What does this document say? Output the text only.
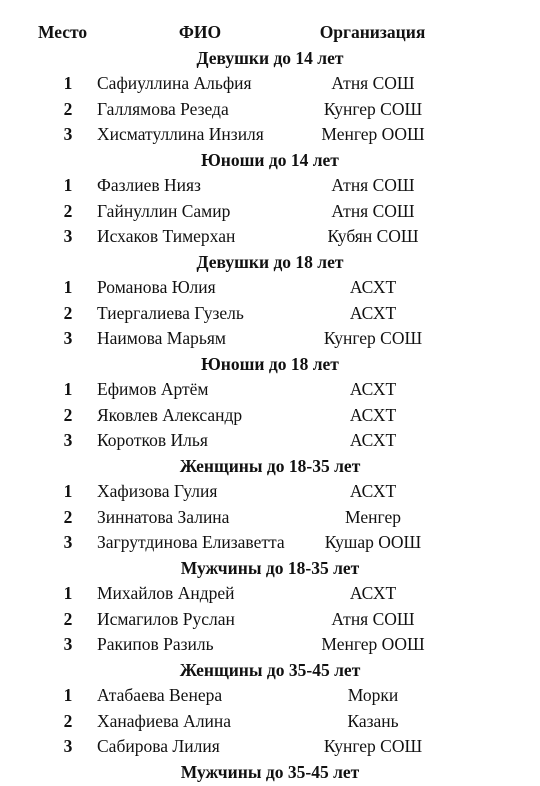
Место	ФИО	Организация
Девушки до 14 лет
1	Сафиуллина Альфия	Атня СОШ
2	Галлямова Резеда	Кунгер СОШ
3	Хисматуллина Инзиля	Менгер ООШ
Юноши до 14 лет
1	Фазлиев Нияз	Атня СОШ
2	Гайнуллин Самир	Атня СОШ
3	Исхаков Тимерхан	Кубян СОШ
Девушки до 18 лет
1	Романова Юлия	АСХТ
2	Тиергалиева Гузель	АСХТ
3	Наимова Марьям	Кунгер СОШ
Юноши до 18 лет
1	Ефимов Артём	АСХТ
2	Яковлев Александр	АСХТ
3	Коротков Илья	АСХТ
Женщины до 18-35 лет
1	Хафизова Гулия	АСХТ
2	Зиннатова Залина	Менгер
3	Загрутдинова Елизаветта	Кушар ООШ
Мужчины до 18-35 лет
1	Михайлов Андрей	АСХТ
2	Исмагилов Руслан	Атня СОШ
3	Ракипов Разиль	Менгер ООШ
Женщины до 35-45 лет
1	Атабаева Венера	Морки
2	Ханафиева Алина	Казань
3	Сабирова Лилия	Кунгер СОШ
Мужчины до 35-45 лет
